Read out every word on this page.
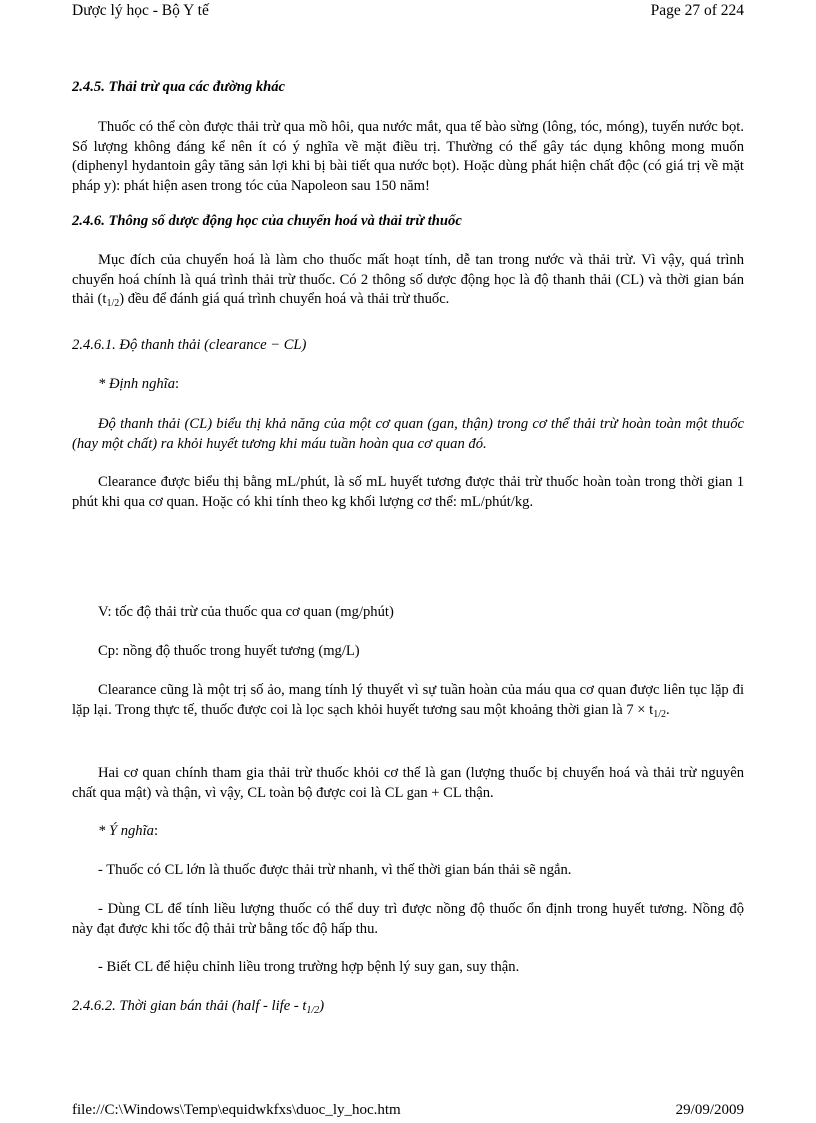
Dược lý học - Bộ Y tế	Page 27 of 224
2.4.5. Thải trừ qua các đường khác
Thuốc có thể còn được thải trừ qua mồ hôi, qua nước mắt, qua tế bào sừng (lông, tóc, móng), tuyến nước bọt. Số lượng không đáng kể nên ít có ý nghĩa về mặt điều trị. Thường có thể gây tác dụng không mong muốn (diphenyl hydantoin gây tăng sản lợi khi bị bài tiết qua nước bọt). Hoặc dùng phát hiện chất độc (có giá trị về mặt pháp y): phát hiện asen trong tóc của Napoleon sau 150 năm!
2.4.6. Thông số dược động học của chuyển hoá và thải trừ thuốc
Mục đích của chuyển hoá là làm cho thuốc mất hoạt tính, dễ tan trong nước và thải trừ. Vì vậy, quá trình chuyển hoá chính là quá trình thải trừ thuốc. Có 2 thông số dược động học là độ thanh thải (CL) và thời gian bán thải $(t_{1/2})$ đều để đánh giá quá trình chuyển hoá và thải trừ thuốc.
2.4.6.1. Độ thanh thải (clearance − CL)
* Định nghĩa:
Độ thanh thải (CL) biểu thị khả năng của một cơ quan (gan, thận) trong cơ thể thải trừ hoàn toàn một thuốc (hay một chất) ra khỏi huyết tương khi máu tuần hoàn qua cơ quan đó.
Clearance được biểu thị bằng mL/phút, là số mL huyết tương được thải trừ thuốc hoàn toàn trong thời gian 1 phút khi qua cơ quan. Hoặc có khi tính theo kg khối lượng cơ thể: mL/phút/kg.
V: tốc độ thải trừ của thuốc qua cơ quan (mg/phút)
Cp: nồng độ thuốc trong huyết tương (mg/L)
Clearance cũng là một trị số ảo, mang tính lý thuyết vì sự tuần hoàn của máu qua cơ quan được liên tục lặp đi lặp lại. Trong thực tế, thuốc được coi là lọc sạch khỏi huyết tương sau một khoảng thời gian là $7 \times t_{1/2}$.
Hai cơ quan chính tham gia thải trừ thuốc khỏi cơ thể là gan (lượng thuốc bị chuyển hoá và thải trừ nguyên chất qua mật) và thận, vì vậy, CL toàn bộ được coi là CL gan + CL thận.
* Ý nghĩa:
- Thuốc có CL lớn là thuốc được thải trừ nhanh, vì thế thời gian bán thải sẽ ngắn.
- Dùng CL để tính liều lượng thuốc có thể duy trì được nồng độ thuốc ổn định trong huyết tương. Nồng độ này đạt được khi tốc độ thải trừ bằng tốc độ hấp thu.
- Biết CL để hiệu chỉnh liều trong trường hợp bệnh lý suy gan, suy thận.
2.4.6.2. Thời gian bán thải (half - life - $t_{1/2}$)
file://C:\Windows\Temp\equidwkfxs\duoc_ly_hoc.htm	29/09/2009
